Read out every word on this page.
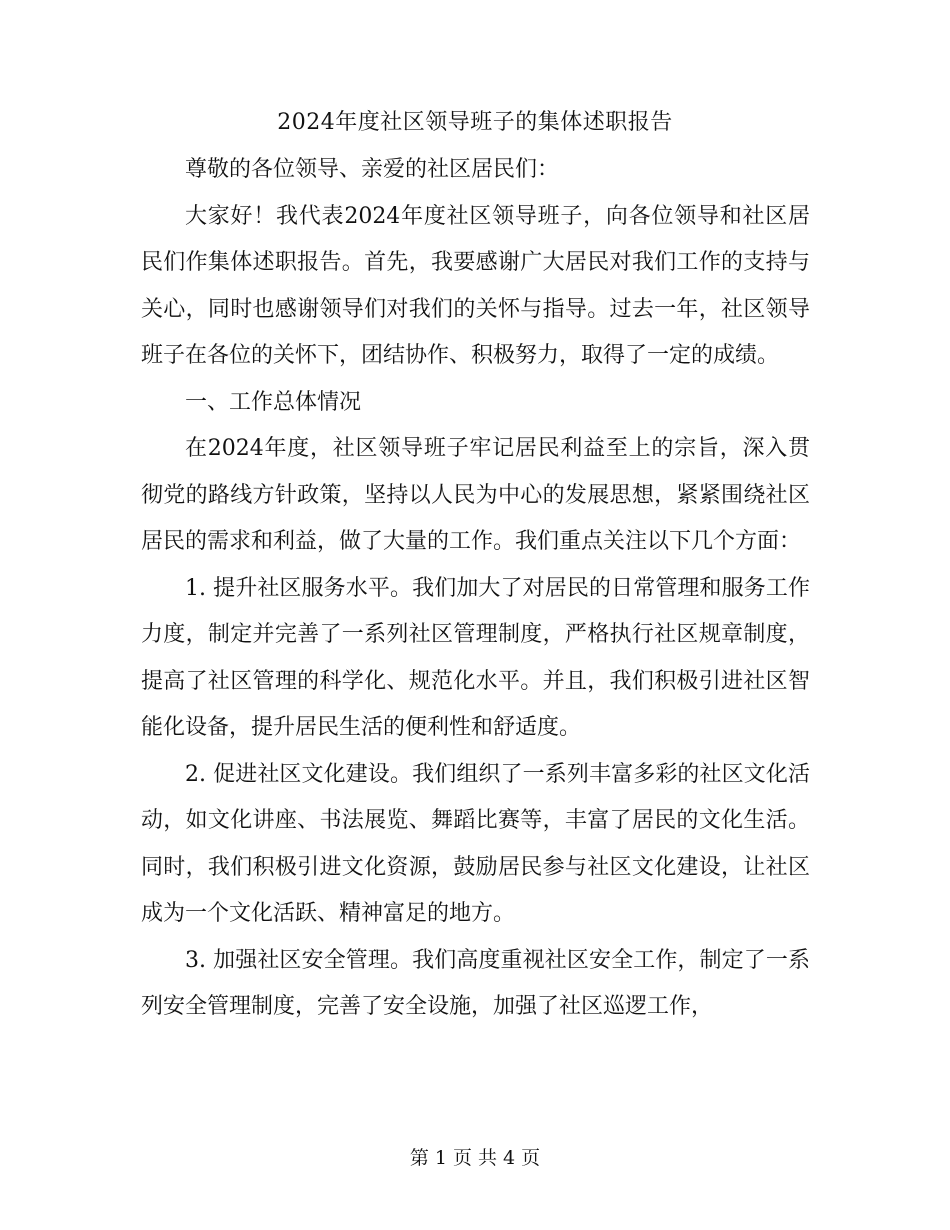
2024年度社区领导班子的集体述职报告

尊敬的各位领导、亲爱的社区居民们：

大家好！我代表2024年度社区领导班子，向各位领导和社区居民们作集体述职报告。首先，我要感谢广大居民对我们工作的支持与关心，同时也感谢领导们对我们的关怀与指导。过去一年，社区领导班子在各位的关怀下，团结协作、积极努力，取得了一定的成绩。

一、工作总体情况

在2024年度，社区领导班子牢记居民利益至上的宗旨，深入贯彻党的路线方针政策，坚持以人民为中心的发展思想，紧紧围绕社区居民的需求和利益，做了大量的工作。我们重点关注以下几个方面：

1. 提升社区服务水平。我们加大了对居民的日常管理和服务工作力度，制定并完善了一系列社区管理制度，严格执行社区规章制度，提高了社区管理的科学化、规范化水平。并且，我们积极引进社区智能化设备，提升居民生活的便利性和舒适度。

2. 促进社区文化建设。我们组织了一系列丰富多彩的社区文化活动，如文化讲座、书法展览、舞蹈比赛等，丰富了居民的文化生活。同时，我们积极引进文化资源，鼓励居民参与社区文化建设，让社区成为一个文化活跃、精神富足的地方。

3. 加强社区安全管理。我们高度重视社区安全工作，制定了一系列安全管理制度，完善了安全设施，加强了社区巡逻工作，

第 1 页 共 4 页
